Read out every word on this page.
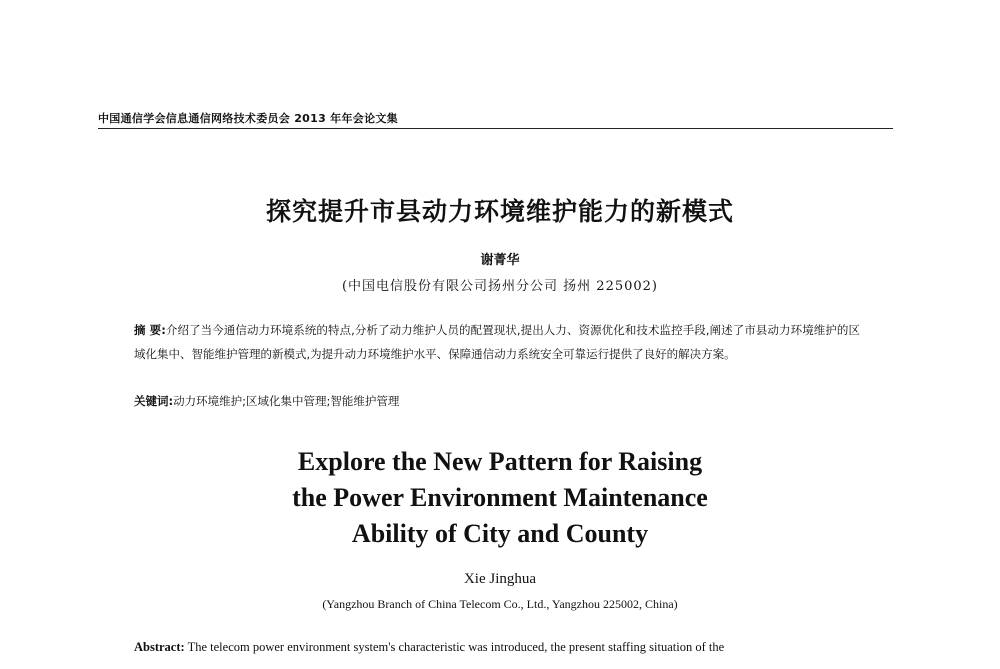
中国通信学会信息通信网络技术委员会 2013 年年会论文集
探究提升市县动力环境维护能力的新模式
谢菁华
(中国电信股份有限公司扬州分公司 扬州 225002)
摘 要:介绍了当今通信动力环境系统的特点,分析了动力维护人员的配置现状,提出人力、资源优化和技术监控手段,阐述了市县动力环境维护的区域化集中、智能维护管理的新模式,为提升动力环境维护水平、保障通信动力系统安全可靠运行提供了良好的解决方案。
关键词:动力环境维护;区域化集中管理;智能维护管理
Explore the New Pattern for Raising
the Power Environment Maintenance
Ability of City and County
Xie Jinghua
(Yangzhou Branch of China Telecom Co., Ltd., Yangzhou 225002, China)
Abstract: The telecom power environment system's characteristic was introduced, the present staffing situation of the
